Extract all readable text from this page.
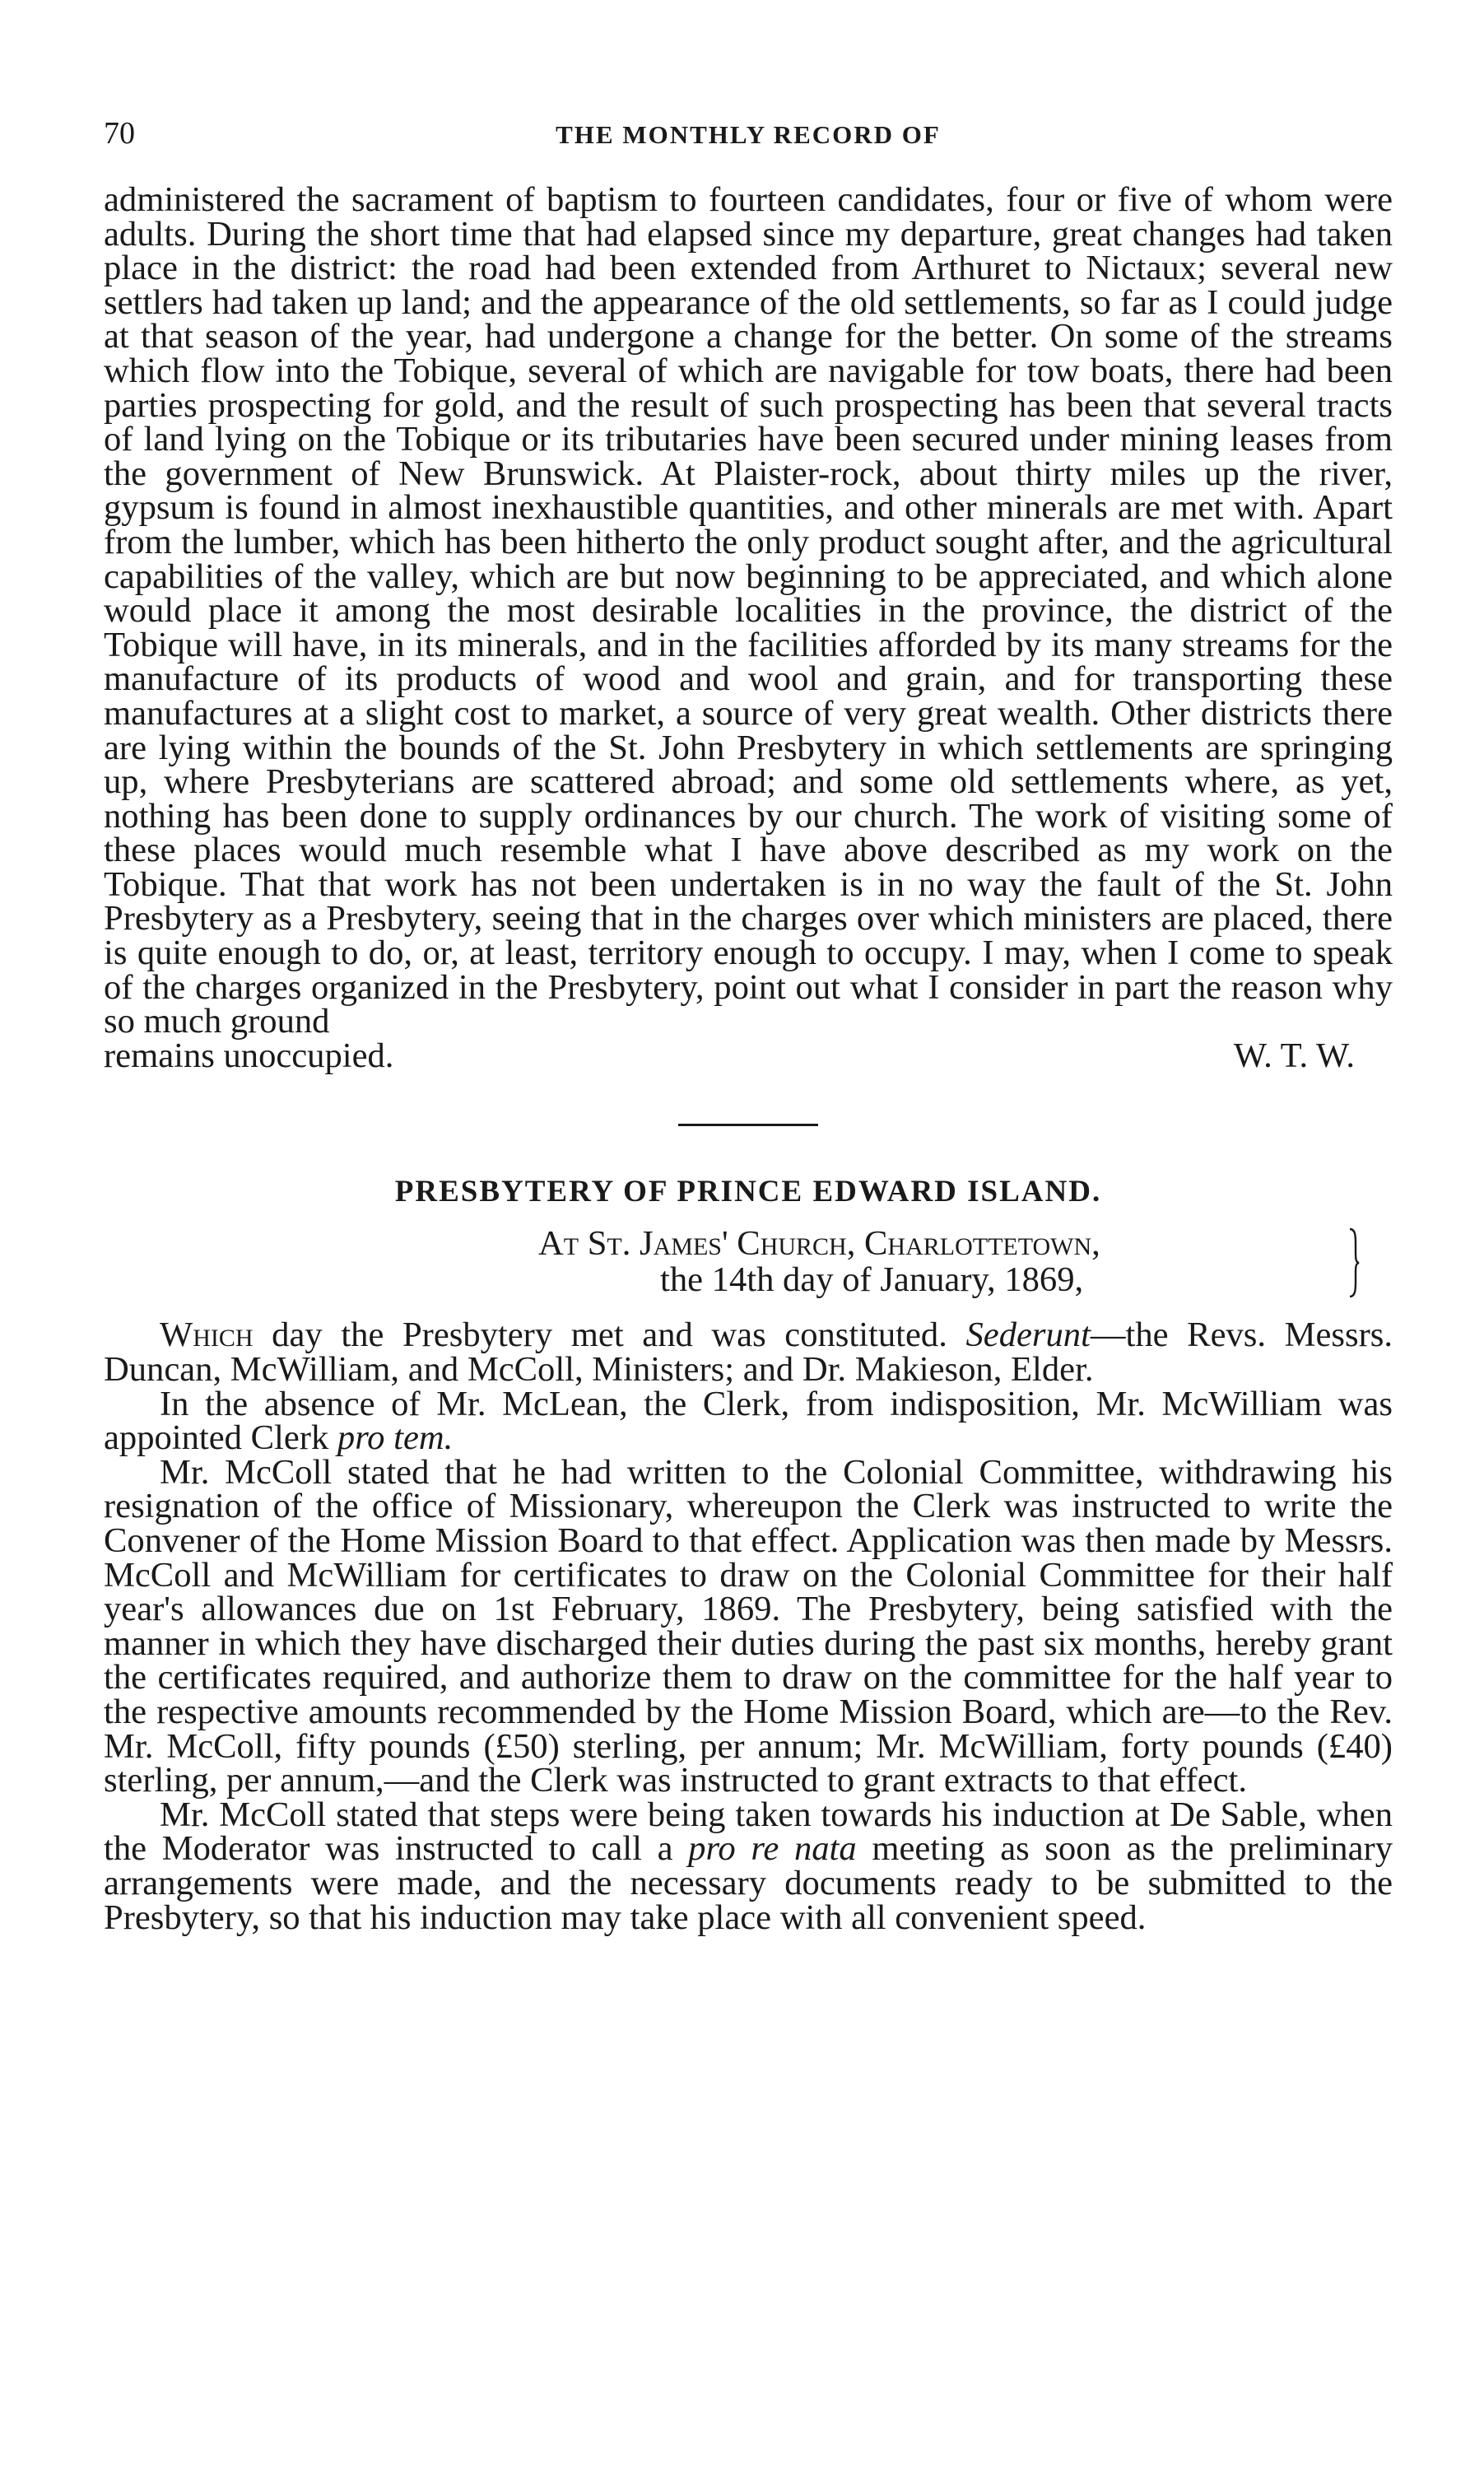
70	THE MONTHLY RECORD OF

administered the sacrament of baptism to fourteen candidates, four or five of whom were adults. During the short time that had elapsed since my departure, great changes had taken place in the district: the road had been extended from Arthuret to Nictaux; several new settlers had taken up land; and the appearance of the old settlements, so far as I could judge at that season of the year, had undergone a change for the better. On some of the streams which flow into the Tobique, several of which are navigable for tow boats, there had been parties prospecting for gold, and the result of such prospecting has been that several tracts of land lying on the Tobique or its tributaries have been secured under mining leases from the government of New Brunswick. At Plaister-rock, about thirty miles up the river, gypsum is found in almost inexhaustible quantities, and other minerals are met with. Apart from the lumber, which has been hitherto the only product sought after, and the agricultural capabilities of the valley, which are but now beginning to be appreciated, and which alone would place it among the most desirable localities in the province, the district of the Tobique will have, in its minerals, and in the facilities afforded by its many streams for the manufacture of its products of wood and wool and grain, and for transporting these manufactures at a slight cost to market, a source of very great wealth. Other districts there are lying within the bounds of the St. John Presbytery in which settlements are springing up, where Presbyterians are scattered abroad; and some old settlements where, as yet, nothing has been done to supply ordinances by our church. The work of visiting some of these places would much resemble what I have above described as my work on the Tobique. That that work has not been undertaken is in no way the fault of the St. John Presbytery as a Presbytery, seeing that in the charges over which ministers are placed, there is quite enough to do, or, at least, territory enough to occupy. I may, when I come to speak of the charges organized in the Presbytery, point out what I consider in part the reason why so much ground

remains unoccupied.	W. T. W.
PRESBYTERY OF PRINCE EDWARD ISLAND.
At St. James' Church, Charlottetown,
the 14th day of January, 1869,

Which day the Presbytery met and was constituted. Sederunt—the Revs. Messrs. Duncan, McWilliam, and McColl, Ministers; and Dr. Makieson, Elder.

In the absence of Mr. McLean, the Clerk, from indisposition, Mr. McWilliam was appointed Clerk pro tem.

Mr. McColl stated that he had written to the Colonial Committee, withdrawing his resignation of the office of Missionary, whereupon the Clerk was instructed to write the Convener of the Home Mission Board to that effect. Application was then made by Messrs. McColl and McWilliam for certificates to draw on the Colonial Committee for their half year's allowances due on 1st February, 1869. The Presbytery, being satisfied with the manner in which they have discharged their duties during the past six months, hereby grant the certificates required, and authorize them to draw on the committee for the half year to the respective amounts recommended by the Home Mission Board, which are—to the Rev. Mr. McColl, fifty pounds (£50) sterling, per annum; Mr. McWilliam, forty pounds (£40) sterling, per annum,—and the Clerk was instructed to grant extracts to that effect.

Mr. McColl stated that steps were being taken towards his induction at De Sable, when the Moderator was instructed to call a pro re nata meeting as soon as the preliminary arrangements were made, and the necessary documents ready to be submitted to the Presbytery, so that his induction may take place with all convenient speed.
